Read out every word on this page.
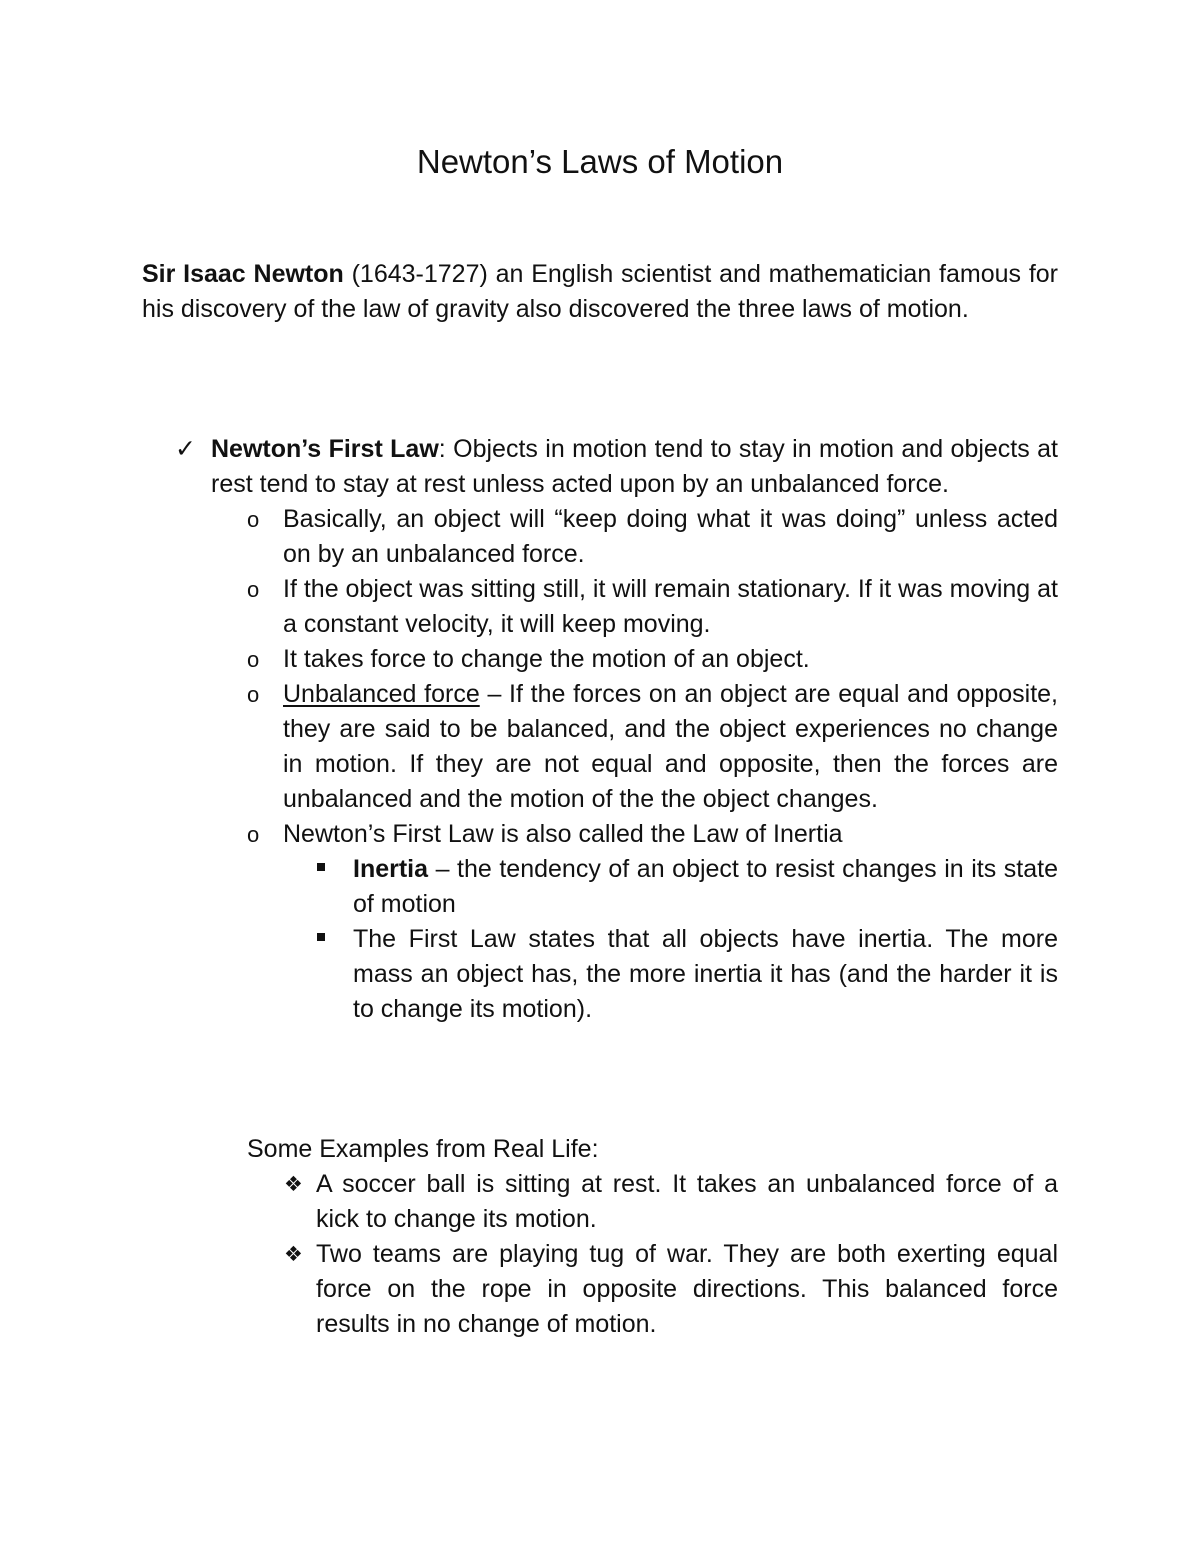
Newton’s Laws of Motion

Sir Isaac Newton (1643-1727) an English scientist and mathematician famous for his discovery of the law of gravity also discovered the three laws of motion.

✓ Newton’s First Law: Objects in motion tend to stay in motion and objects at rest tend to stay at rest unless acted upon by an unbalanced force.
o Basically, an object will “keep doing what it was doing” unless acted on by an unbalanced force.
o If the object was sitting still, it will remain stationary. If it was moving at a constant velocity, it will keep moving.
o It takes force to change the motion of an object.
o Unbalanced force – If the forces on an object are equal and opposite, they are said to be balanced, and the object experiences no change in motion. If they are not equal and opposite, then the forces are unbalanced and the motion of the the object changes.
o Newton’s First Law is also called the Law of Inertia
Inertia – the tendency of an object to resist changes in its state of motion
The First Law states that all objects have inertia. The more mass an object has, the more inertia it has (and the harder it is to change its motion).

Some Examples from Real Life:

❖ A soccer ball is sitting at rest. It takes an unbalanced force of a kick to change its motion.
❖ Two teams are playing tug of war. They are both exerting equal force on the rope in opposite directions. This balanced force results in no change of motion.
